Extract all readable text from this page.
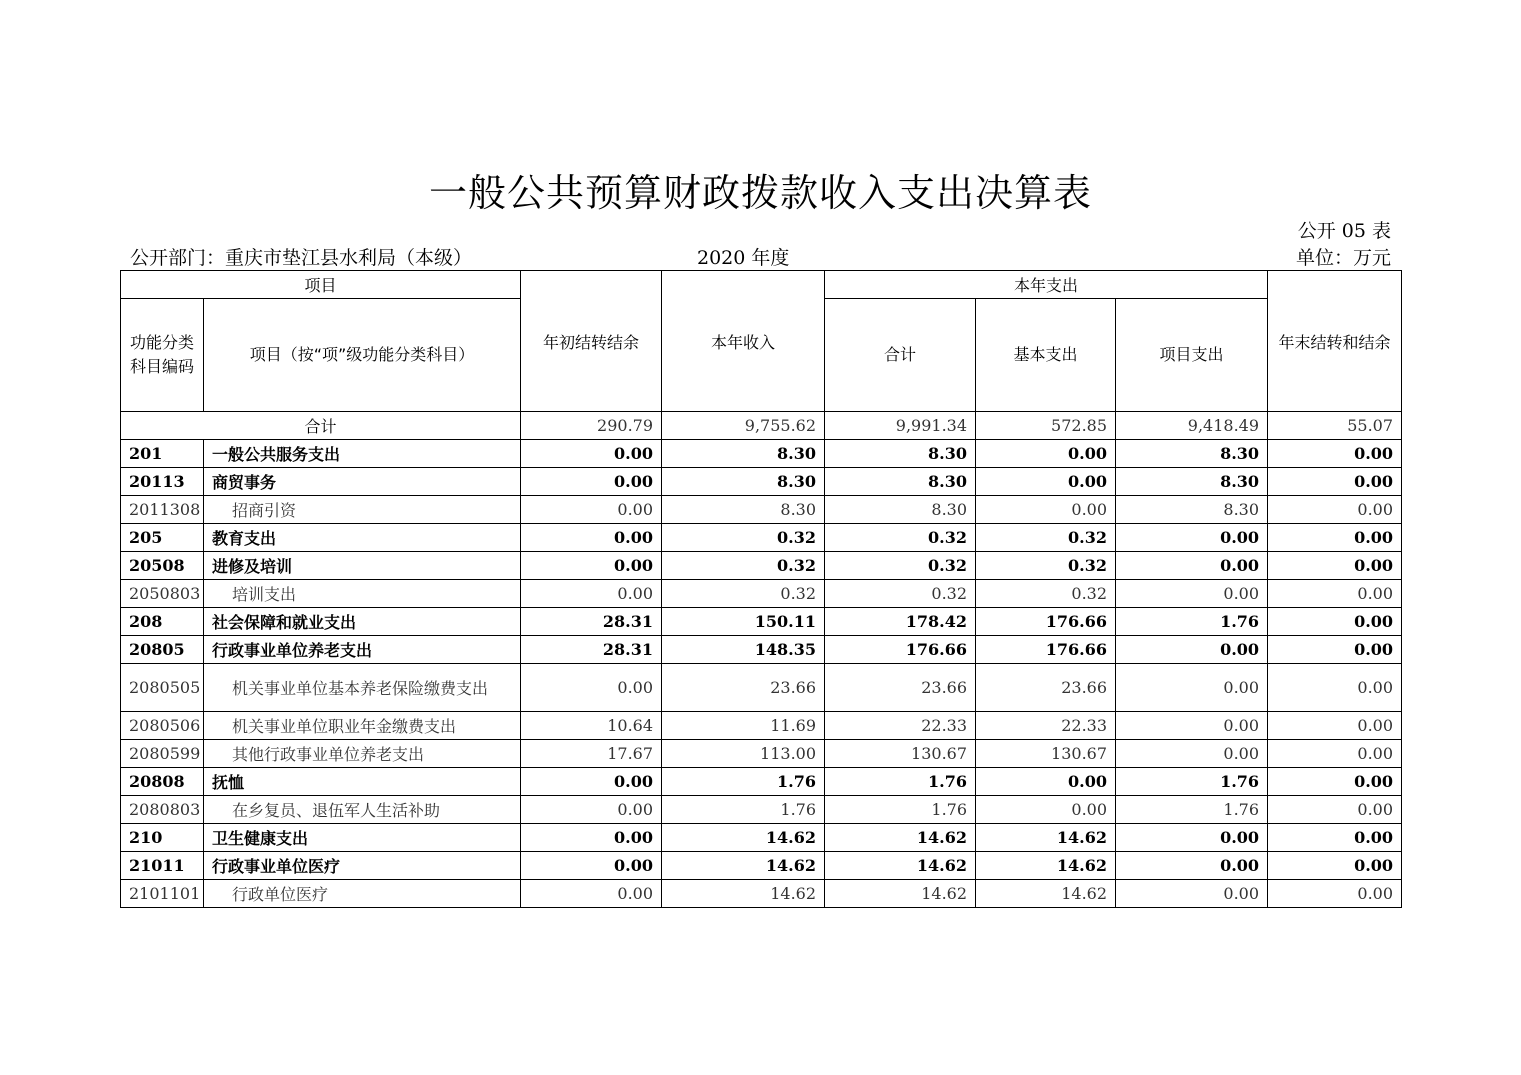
一般公共预算财政拨款收入支出决算表
公开 05 表
公开部门：重庆市垫江县水利局（本级）	2020 年度	单位：万元
项目		年初结转结余	本年收入	本年支出			年末结转和结余
功能分类科目编码	项目（按“项”级功能分类科目）			合计	基本支出	项目支出	
合计		290.79	9,755.62	9,991.34	572.85	9,418.49	55.07
201	一般公共服务支出	0.00	8.30	8.30	0.00	8.30	0.00
20113	商贸事务	0.00	8.30	8.30	0.00	8.30	0.00
2011308	招商引资	0.00	8.30	8.30	0.00	8.30	0.00
205	教育支出	0.00	0.32	0.32	0.32	0.00	0.00
20508	进修及培训	0.00	0.32	0.32	0.32	0.00	0.00
2050803	培训支出	0.00	0.32	0.32	0.32	0.00	0.00
208	社会保障和就业支出	28.31	150.11	178.42	176.66	1.76	0.00
20805	行政事业单位养老支出	28.31	148.35	176.66	176.66	0.00	0.00
2080505	机关事业单位基本养老保险缴费支出	0.00	23.66	23.66	23.66	0.00	0.00
2080506	机关事业单位职业年金缴费支出	10.64	11.69	22.33	22.33	0.00	0.00
2080599	其他行政事业单位养老支出	17.67	113.00	130.67	130.67	0.00	0.00
20808	抚恤	0.00	1.76	1.76	0.00	1.76	0.00
2080803	在乡复员、退伍军人生活补助	0.00	1.76	1.76	0.00	1.76	0.00
210	卫生健康支出	0.00	14.62	14.62	14.62	0.00	0.00
21011	行政事业单位医疗	0.00	14.62	14.62	14.62	0.00	0.00
2101101	行政单位医疗	0.00	14.62	14.62	14.62	0.00	0.00
